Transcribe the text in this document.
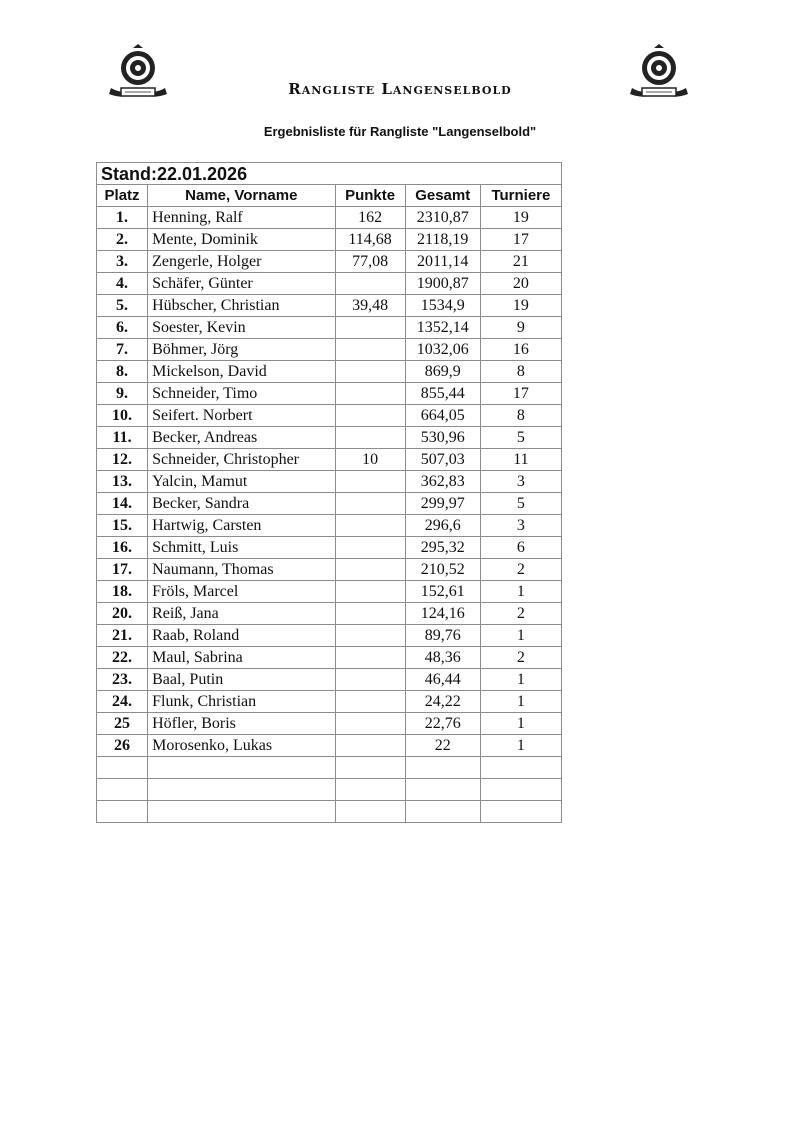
Rangliste Langenselbold
Ergebnisliste für Rangliste "Langenselbold"
Stand:22.01.2026				
Platz	Name, Vorname	Punkte	Gesamt	Turniere
1.	Henning, Ralf	162	2310,87	19
2.	Mente, Dominik	114,68	2118,19	17
3.	Zengerle, Holger	77,08	2011,14	21
4.	Schäfer, Günter		1900,87	20
5.	Hübscher, Christian	39,48	1534,9	19
6.	Soester, Kevin		1352,14	9
7.	Böhmer, Jörg		1032,06	16
8.	Mickelson, David		869,9	8
9.	Schneider, Timo		855,44	17
10.	Seifert. Norbert		664,05	8
11.	Becker, Andreas		530,96	5
12.	Schneider, Christopher	10	507,03	11
13.	Yalcin, Mamut		362,83	3
14.	Becker, Sandra		299,97	5
15.	Hartwig, Carsten		296,6	3
16.	Schmitt, Luis		295,32	6
17.	Naumann, Thomas		210,52	2
18.	Fröls, Marcel		152,61	1
20.	Reiß, Jana		124,16	2
21.	Raab, Roland		89,76	1
22.	Maul, Sabrina		48,36	2
23.	Baal, Putin		46,44	1
24.	Flunk, Christian		24,22	1
25	Höfler, Boris		22,76	1
26	Morosenko, Lukas		22	1
